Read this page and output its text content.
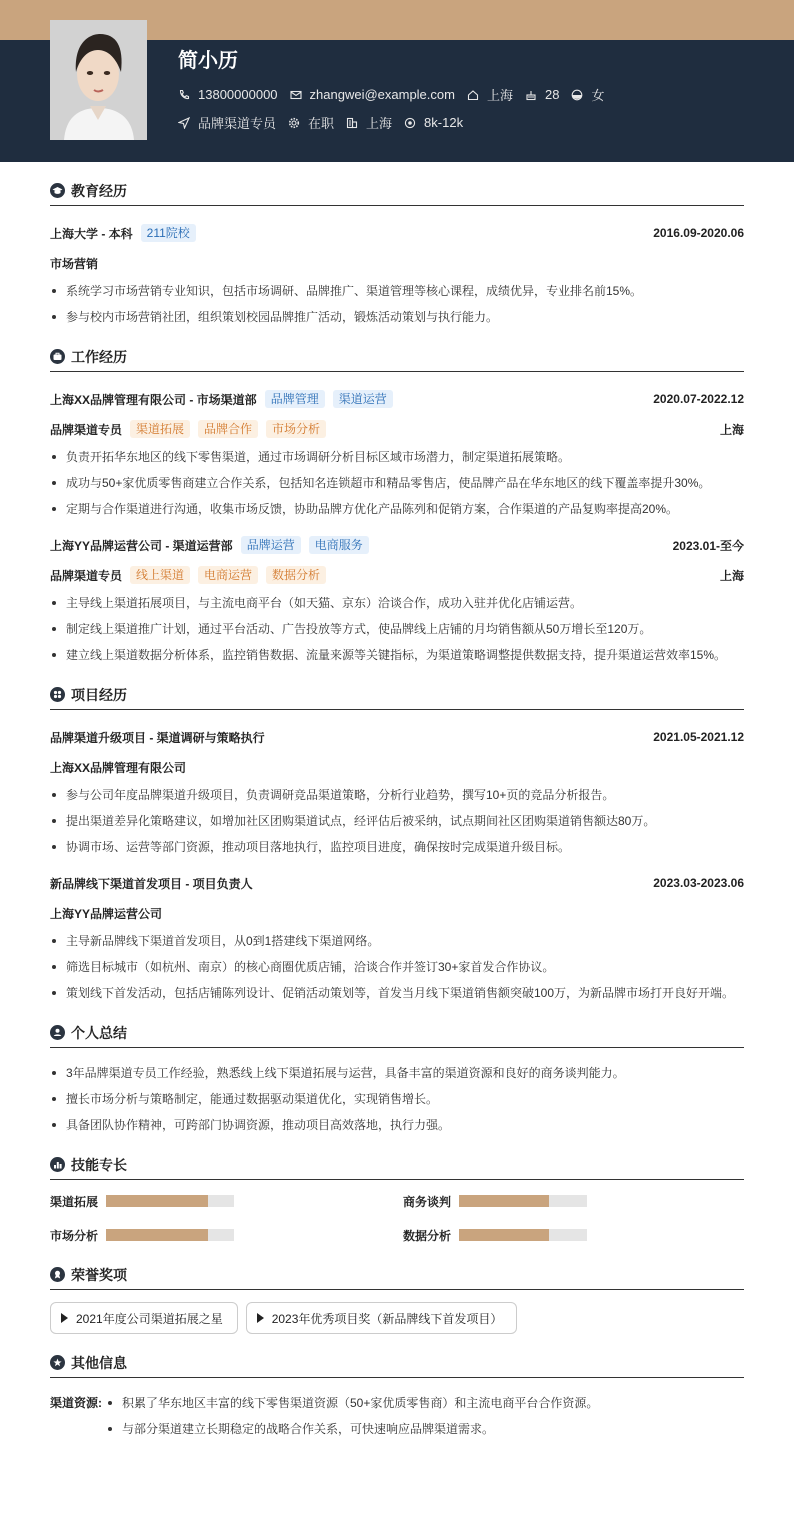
简小历
13800000000 zhangwei@example.com 上海 28 女
品牌渠道专员 在职 上海 8k-12k
教育经历
上海大学 - 本科	211院校	2016.09-2020.06
市场营销
系统学习市场营销专业知识，包括市场调研、品牌推广、渠道管理等核心课程，成绩优异，专业排名前15%。
参与校内市场营销社团，组织策划校园品牌推广活动，锻炼活动策划与执行能力。
工作经历
上海XX品牌管理有限公司 - 市场渠道部	品牌管理	渠道运营	2020.07-2022.12
品牌渠道专员	渠道拓展	品牌合作	市场分析	上海
负责开拓华东地区的线下零售渠道，通过市场调研分析目标区域市场潜力，制定渠道拓展策略。
成功与50+家优质零售商建立合作关系，包括知名连锁超市和精品零售店，使品牌产品在华东地区的线下覆盖率提升30%。
定期与合作渠道进行沟通，收集市场反馈，协助品牌方优化产品陈列和促销方案，合作渠道的产品复购率提高20%。
上海YY品牌运营公司 - 渠道运营部	品牌运营	电商服务	2023.01-至今
品牌渠道专员	线上渠道	电商运营	数据分析	上海
主导线上渠道拓展项目，与主流电商平台（如天猫、京东）洽谈合作，成功入驻并优化店铺运营。
制定线上渠道推广计划，通过平台活动、广告投放等方式，使品牌线上店铺的月均销售额从50万增长至120万。
建立线上渠道数据分析体系，监控销售数据、流量来源等关键指标，为渠道策略调整提供数据支持，提升渠道运营效率15%。
项目经历
品牌渠道升级项目 - 渠道调研与策略执行	2021.05-2021.12
上海XX品牌管理有限公司
参与公司年度品牌渠道升级项目，负责调研竞品渠道策略，分析行业趋势，撰写10+页的竞品分析报告。
提出渠道差异化策略建议，如增加社区团购渠道试点，经评估后被采纳，试点期间社区团购渠道销售额达80万。
协调市场、运营等部门资源，推动项目落地执行，监控项目进度，确保按时完成渠道升级目标。
新品牌线下渠道首发项目 - 项目负责人	2023.03-2023.06
上海YY品牌运营公司
主导新品牌线下渠道首发项目，从0到1搭建线下渠道网络。
筛选目标城市（如杭州、南京）的核心商圈优质店铺，洽谈合作并签订30+家首发合作协议。
策划线下首发活动，包括店铺陈列设计、促销活动策划等，首发当月线下渠道销售额突破100万，为新品牌市场打开良好开端。
个人总结
3年品牌渠道专员工作经验，熟悉线上线下渠道拓展与运营，具备丰富的渠道资源和良好的商务谈判能力。
擅长市场分析与策略制定，能通过数据驱动渠道优化，实现销售增长。
具备团队协作精神，可跨部门协调资源，推动项目高效落地，执行力强。
技能专长
渠道拓展	商务谈判
市场分析	数据分析
荣誉奖项
2021年度公司渠道拓展之星	2023年优秀项目奖（新品牌线下首发项目）
其他信息
渠道资源:	积累了华东地区丰富的线下零售渠道资源（50+家优质零售商）和主流电商平台合作资源。
与部分渠道建立长期稳定的战略合作关系，可快速响应品牌渠道需求。
